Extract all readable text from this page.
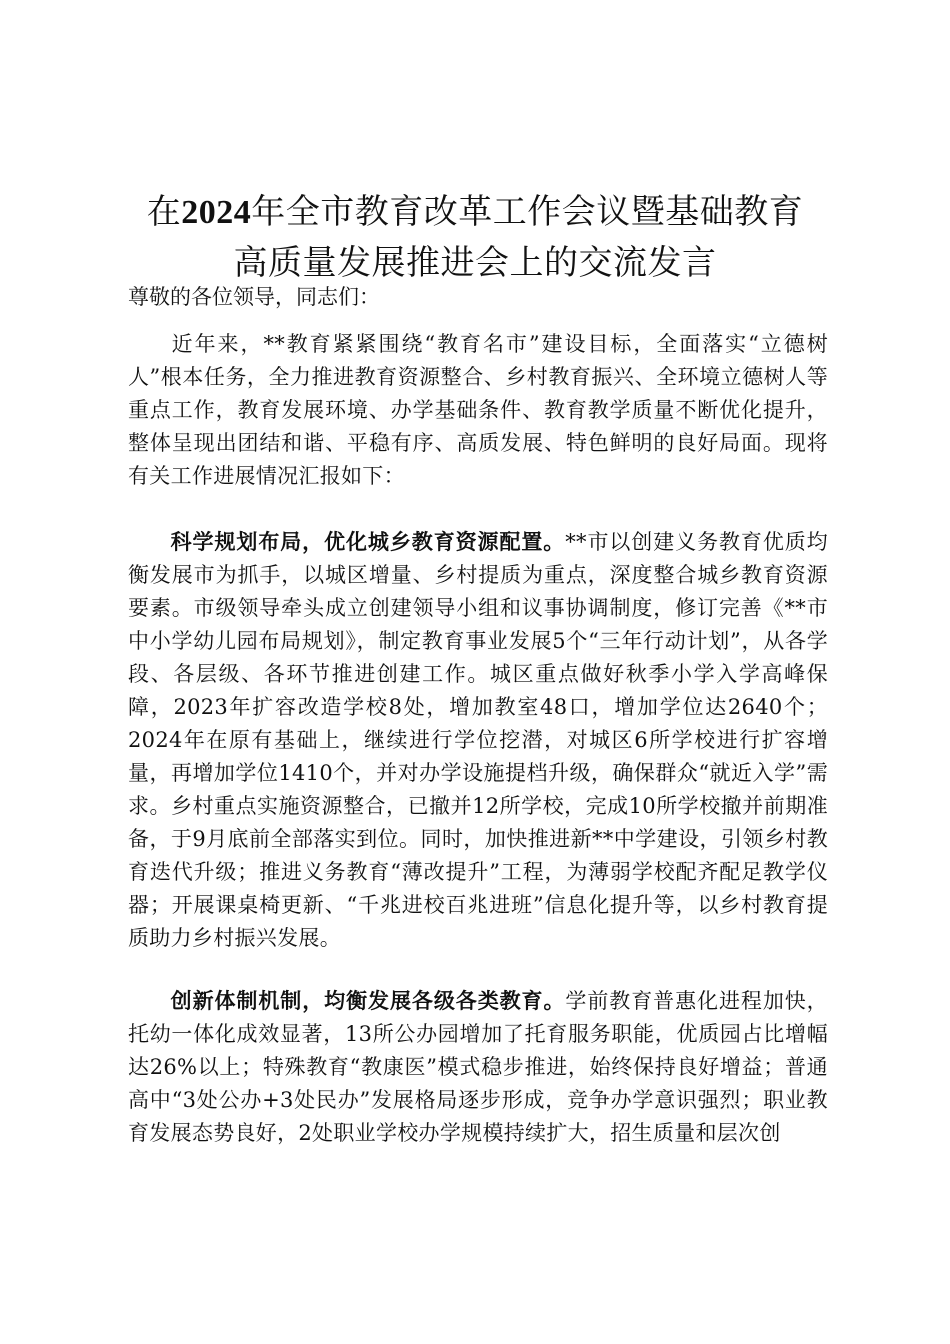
在2024年全市教育改革工作会议暨基础教育
高质量发展推进会上的交流发言
尊敬的各位领导，同志们：

近年来，**教育紧紧围绕“教育名市”建设目标，全面落实“立德树人”根本任务，全力推进教育资源整合、乡村教育振兴、全环境立德树人等重点工作，教育发展环境、办学基础条件、教育教学质量不断优化提升，整体呈现出团结和谐、平稳有序、高质发展、特色鲜明的良好局面。现将有关工作进展情况汇报如下：

科学规划布局，优化城乡教育资源配置。**市以创建义务教育优质均衡发展市为抓手，以城区增量、乡村提质为重点，深度整合城乡教育资源要素。市级领导牵头成立创建领导小组和议事协调制度，修订完善《**市中小学幼儿园布局规划》，制定教育事业发展5个“三年行动计划”，从各学段、各层级、各环节推进创建工作。城区重点做好秋季小学入学高峰保障，2023年扩容改造学校8处，增加教室48口，增加学位达2640个；2024年在原有基础上，继续进行学位挖潜，对城区6所学校进行扩容增量，再增加学位1410个，并对办学设施提档升级，确保群众“就近入学”需求。乡村重点实施资源整合，已撤并12所学校，完成10所学校撤并前期准备，于9月底前全部落实到位。同时，加快推进新**中学建设，引领乡村教育迭代升级；推进义务教育“薄改提升”工程，为薄弱学校配齐配足教学仪器；开展课桌椅更新、“千兆进校百兆进班”信息化提升等，以乡村教育提质助力乡村振兴发展。

创新体制机制，均衡发展各级各类教育。学前教育普惠化进程加快，托幼一体化成效显著，13所公办园增加了托育服务职能，优质园占比增幅达26%以上；特殊教育“教康医”模式稳步推进，始终保持良好增益；普通高中“3处公办+3处民办”发展格局逐步形成，竞争办学意识强烈；职业教育发展态势良好，2处职业学校办学规模持续扩大，招生质量和层次创
